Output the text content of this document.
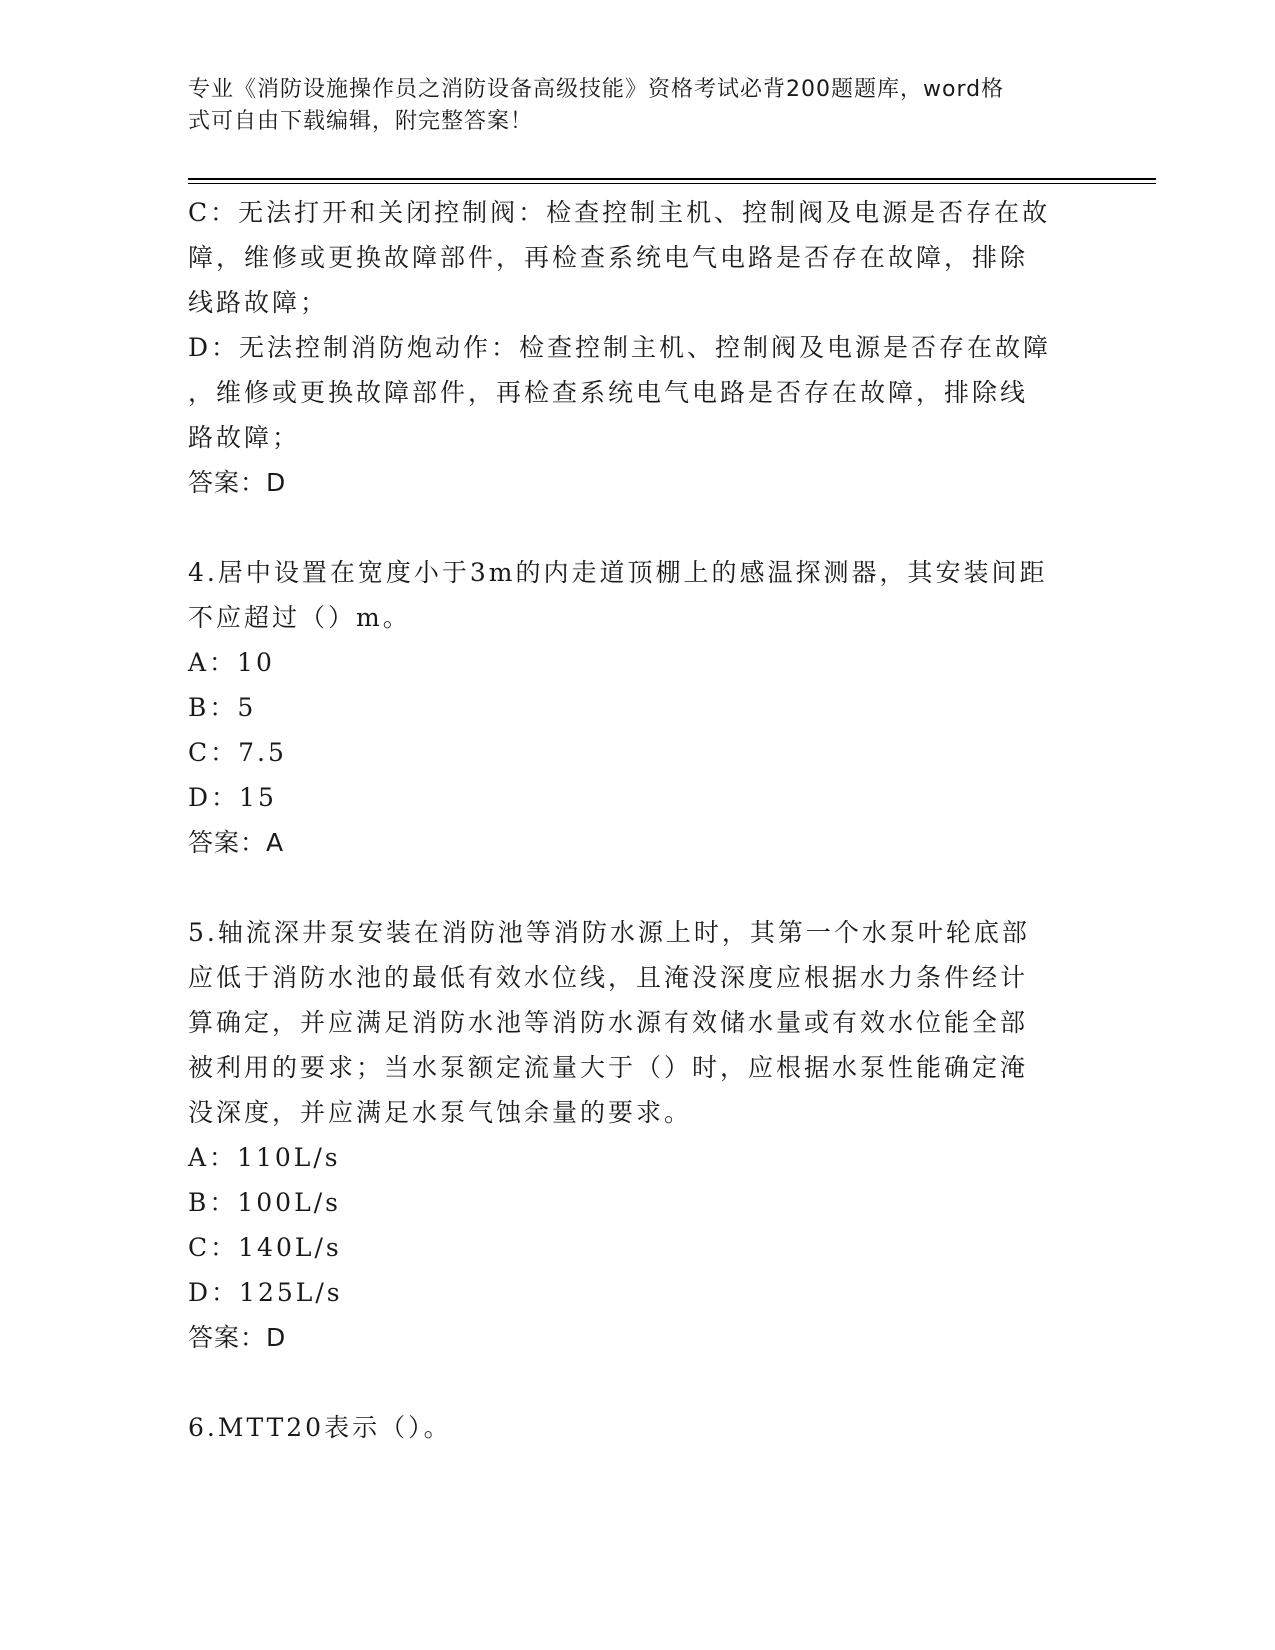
专业《消防设施操作员之消防设备高级技能》资格考试必背200题题库，word格
式可自由下载编辑，附完整答案！
C：无法打开和关闭控制阀：检查控制主机、控制阀及电源是否存在故
障，维修或更换故障部件，再检查系统电气电路是否存在故障，排除
线路故障；
D：无法控制消防炮动作：检查控制主机、控制阀及电源是否存在故障
，维修或更换故障部件，再检查系统电气电路是否存在故障，排除线
路故障；
答案：D
4.居中设置在宽度小于3m的内走道顶棚上的感温探测器，其安装间距
不应超过（）m。
A：10
B：5
C：7.5
D：15
答案：A
5.轴流深井泵安装在消防池等消防水源上时，其第一个水泵叶轮底部
应低于消防水池的最低有效水位线，且淹没深度应根据水力条件经计
算确定，并应满足消防水池等消防水源有效储水量或有效水位能全部
被利用的要求；当水泵额定流量大于（）时，应根据水泵性能确定淹
没深度，并应满足水泵气蚀余量的要求。
A：110L/s
B：100L/s
C：140L/s
D：125L/s
答案：D
6.MTT20表示（）。
